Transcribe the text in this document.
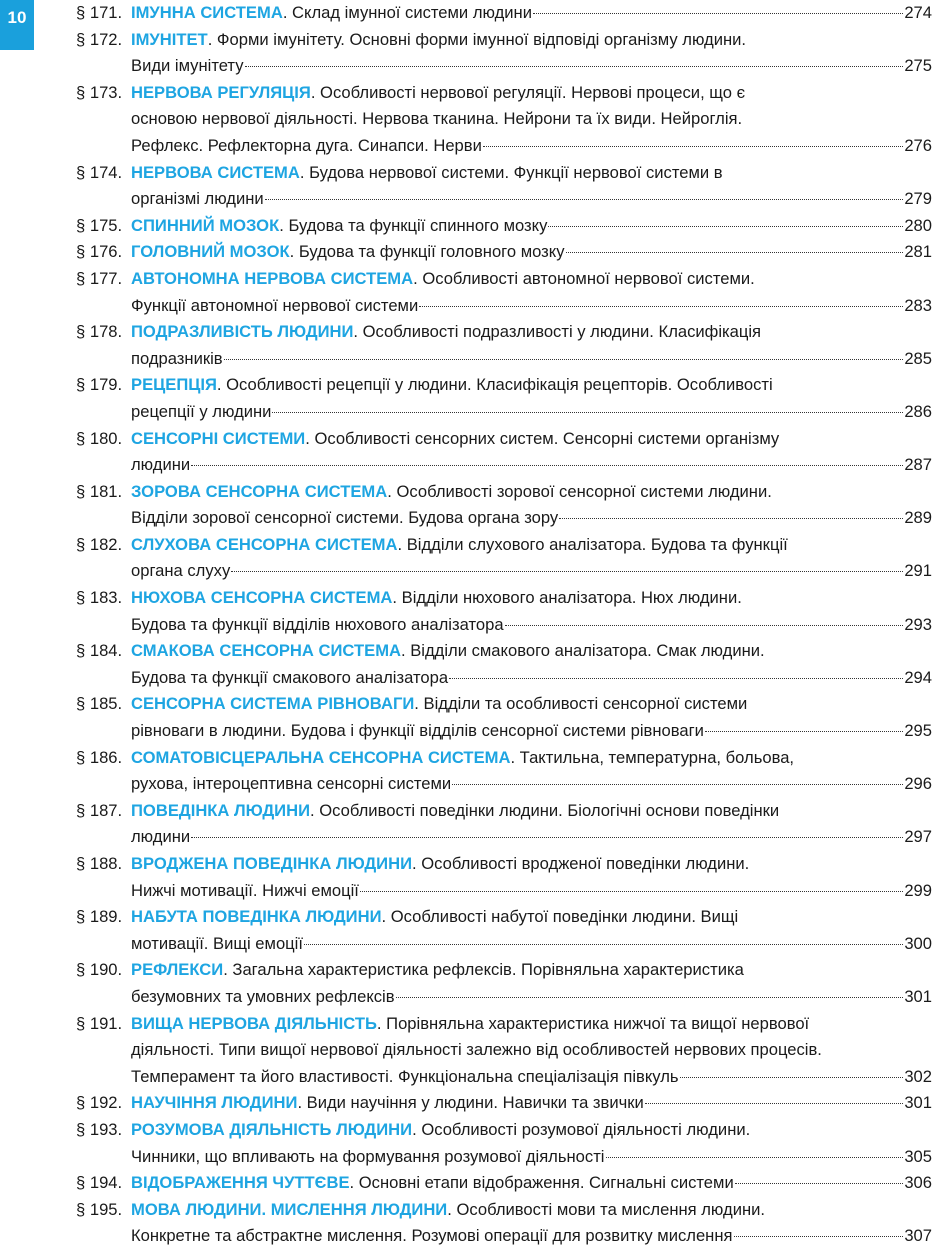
10	§ 171. ІМУННА СИСТЕМА. Склад імунної системи людини	274
§ 172. ІМУНІТЕТ. Форми імунітету. Основні форми імунної відповіді організму людини.
Види імунітету	275
§ 173. НЕРВОВА РЕГУЛЯЦІЯ. Особливості нервової регуляції. Нервові процеси, що є
основою нервової діяльності. Нервова тканина. Нейрони та їх види. Нейроглія.
Рефлекс. Рефлекторна дуга. Синапси. Нерви	276
§ 174. НЕРВОВА СИСТЕМА. Будова нервової системи. Функції нервової системи в
організмі людини	279
§ 175. СПИННИЙ МОЗОК. Будова та функції спинного мозку	280
§ 176. ГОЛОВНИЙ МОЗОК. Будова та функції головного мозку	281
§ 177. АВТОНОМНА НЕРВОВА СИСТЕМА. Особливості автономної нервової системи.
Функції автономної нервової системи	283
§ 178. ПОДРАЗЛИВІСТЬ ЛЮДИНИ. Особливості подразливості у людини. Класифікація
подразників	285
§ 179. РЕЦЕПЦІЯ. Особливості рецепції у людини. Класифікація рецепторів. Особливості
рецепції у людини	286
§ 180. СЕНСОРНІ СИСТЕМИ. Особливості сенсорних систем. Сенсорні системи організму
людини	287
§ 181. ЗОРОВА СЕНСОРНА СИСТЕМА. Особливості зорової сенсорної системи людини.
Відділи зорової сенсорної системи. Будова органа зору	289
§ 182. СЛУХОВА СЕНСОРНА СИСТЕМА. Відділи слухового аналізатора. Будова та функції
органа слуху	291
§ 183. НЮХОВА СЕНСОРНА СИСТЕМА. Відділи нюхового аналізатора. Нюх людини.
Будова та функції відділів нюхового аналізатора	293
§ 184. СМАКОВА СЕНСОРНА СИСТЕМА. Відділи смакового аналізатора. Смак людини.
Будова та функції смакового аналізатора	294
§ 185. СЕНСОРНА СИСТЕМА РІВНОВАГИ. Відділи та особливості сенсорної системи
рівноваги в людини. Будова і функції відділів сенсорної системи рівноваги	295
§ 186. СОМАТОВІСЦЕРАЛЬНА СЕНСОРНА СИСТЕМА. Тактильна, температурна, больова,
рухова, інтероцептивна сенсорні системи	296
§ 187. ПОВЕДІНКА ЛЮДИНИ. Особливості поведінки людини. Біологічні основи поведінки
людини	297
§ 188. ВРОДЖЕНА ПОВЕДІНКА ЛЮДИНИ. Особливості вродженої поведінки людини.
Нижчі мотивації. Нижчі емоції	299
§ 189. НАБУТА ПОВЕДІНКА ЛЮДИНИ. Особливості набутої поведінки людини. Вищі
мотивації. Вищі емоції	300
§ 190. РЕФЛЕКСИ. Загальна характеристика рефлексів. Порівняльна характеристика
безумовних та умовних рефлексів	301
§ 191. ВИЩА НЕРВОВА ДІЯЛЬНІСТЬ. Порівняльна характеристика нижчої та вищої нервової
діяльності. Типи вищої нервової діяльності залежно від особливостей нервових процесів.
Темперамент та його властивості. Функціональна спеціалізація півкуль	302
§ 192. НАУЧІННЯ ЛЮДИНИ. Види научіння у людини. Навички та звички	301
§ 193. РОЗУМОВА ДІЯЛЬНІСТЬ ЛЮДИНИ. Особливості розумової діяльності людини.
Чинники, що впливають на формування розумової діяльності	305
§ 194. ВІДОБРАЖЕННЯ ЧУТТЄВЕ. Основні етапи відображення. Сигнальні системи	306
§ 195. МОВА ЛЮДИНИ. МИСЛЕННЯ ЛЮДИНИ. Особливості мови та мислення людини.
Конкретне та абстрактне мислення. Розумові операції для розвитку мислення	307
